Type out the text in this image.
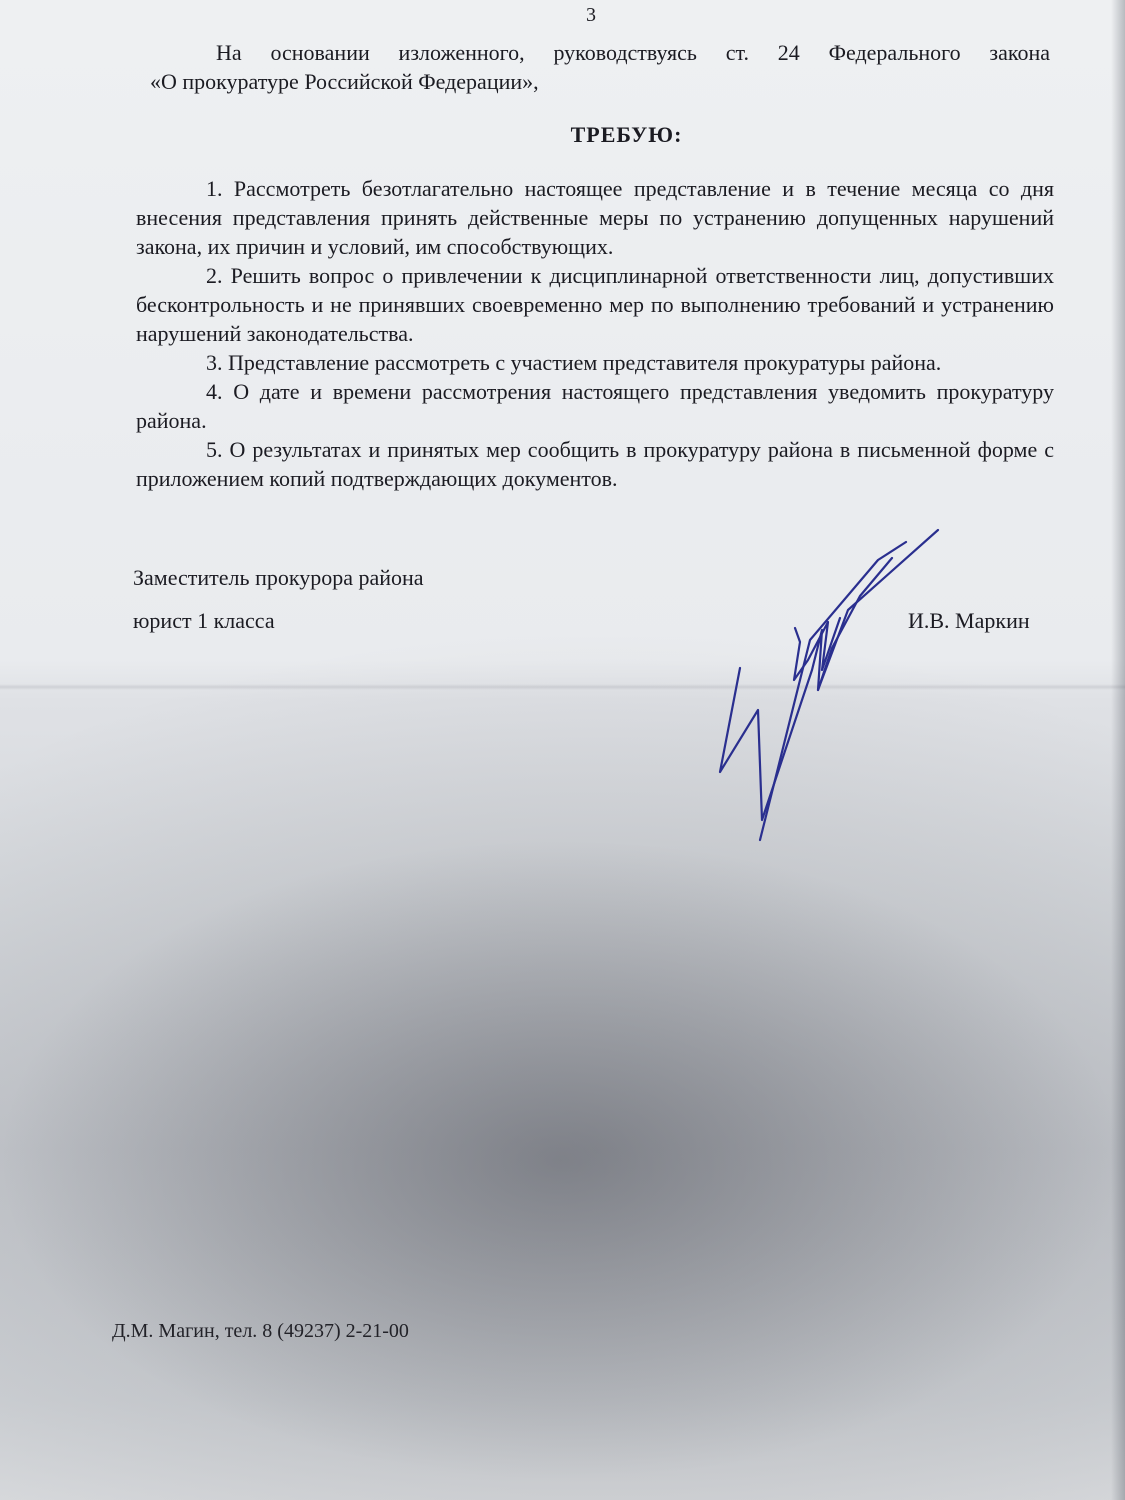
3
На основании изложенного, руководствуясь ст. 24 Федерального закона
«О прокуратуре Российской Федерации»,
ТРЕБУЮ:

1. Рассмотреть безотлагательно настоящее представление и в течение месяца со дня внесения представления принять действенные меры по устранению допущенных нарушений закона, их причин и условий, им способствующих.

2. Решить вопрос о привлечении к дисциплинарной ответственности лиц, допустивших бесконтрольность и не принявших своевременно мер по выполнению требований и устранению нарушений законодательства.

3. Представление рассмотреть с участием представителя прокуратуры района.

4. О дате и времени рассмотрения настоящего представления уведомить прокуратуру района.

5. О результатах и принятых мер сообщить в прокуратуру района в письменной форме с приложением копий подтверждающих документов.

Заместитель прокурора района
юрист 1 класса	И.В. Маркин
Д.М. Магин, тел. 8 (49237) 2-21-00
